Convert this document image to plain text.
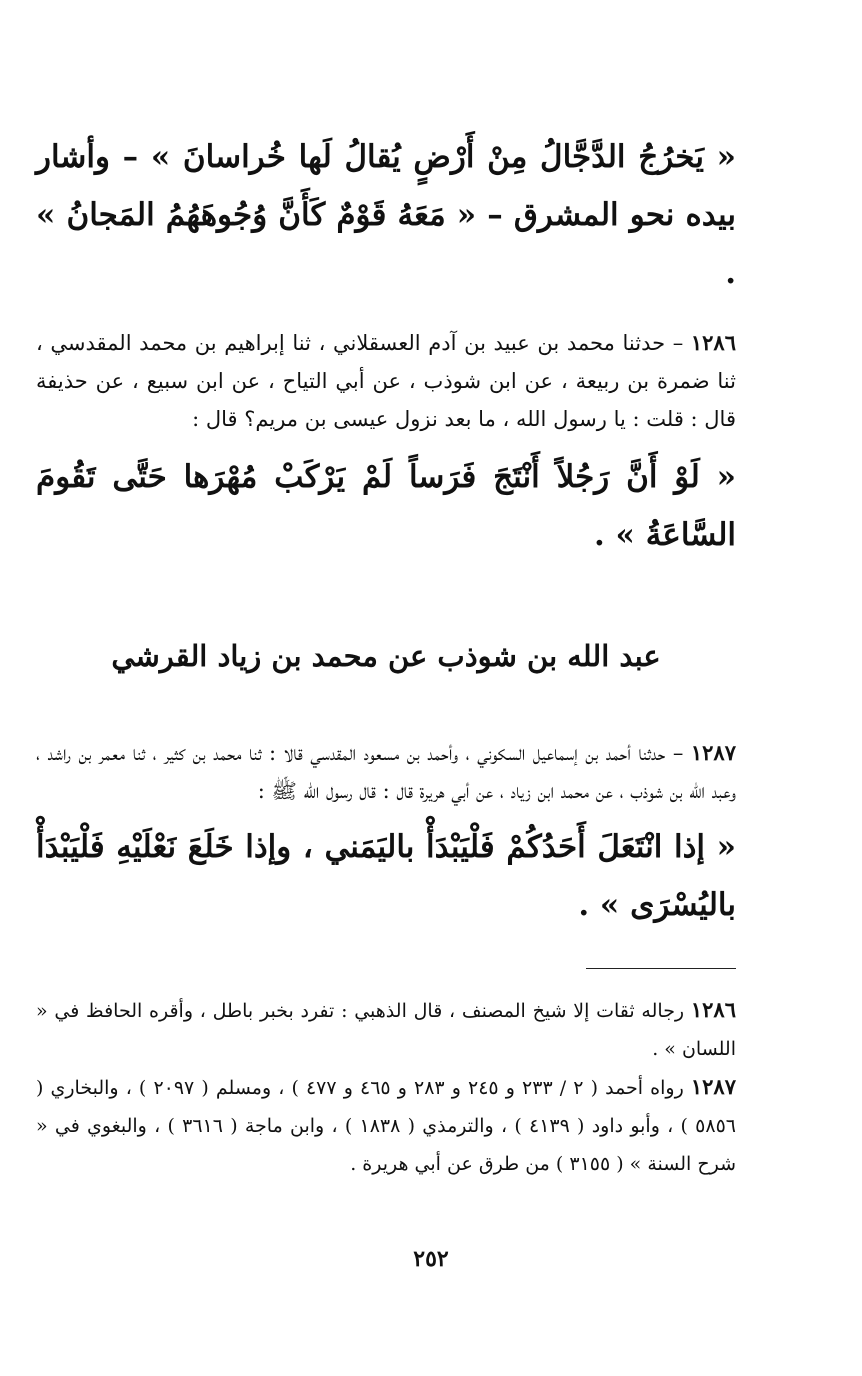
« يَخرُجُ الدَّجَّالُ مِنْ أَرْضٍ يُقالُ لَها خُراسانَ » – وأشار بيده نحو المشرق – « مَعَهُ قَوْمٌ كَأَنَّ وُجُوهَهُمُ المَجانُ » .

١٢٨٦ – حدثنا محمد بن عبيد بن آدم العسقلاني ، ثنا إبراهيم بن محمد المقدسي ، ثنا ضمرة بن ربيعة ، عن ابن شوذب ، عن أبي التياح ، عن ابن سبيع ، عن حذيفة قال : قلت : يا رسول الله ، ما بعد نزول عيسى بن مريم؟ قال :

« لَوْ أَنَّ رَجُلاً أَنْتَجَ فَرَساً لَمْ يَرْكَبْ مُهْرَها حَتَّى تَقُومَ السَّاعَةُ » .

عبد الله بن شوذب عن محمد بن زياد القرشي

١٢٨٧ – حدثنا أحمد بن إسماعيل السكوني ، وأحمد بن مسعود المقدسي قالا : ثنا محمد بن كثير ، ثنا معمر بن راشد ، وعبد الله بن شوذب ، عن محمد ابن زياد ، عن أبي هريرة قال : قال رسول الله ﷺ :

« إذا انْتَعَلَ أَحَدُكُمْ فَلْيَبْدَأْ باليَمَني ، وإذا خَلَعَ نَعْلَيْهِ فَلْيَبْدَأْ باليُسْرَى » .

١٢٨٦ رجاله ثقات إلا شيخ المصنف ، قال الذهبي : تفرد بخبر باطل ، وأقره الحافظ في « اللسان » .

١٢٨٧ رواه أحمد ( ٢ / ٢٣٣ و ٢٤٥ و ٢٨٣ و ٤٦٥ و ٤٧٧ ) ، ومسلم ( ٢٠٩٧ ) ، والبخاري ( ٥٨٥٦ ) ، وأبو داود ( ٤١٣٩ ) ، والترمذي ( ١٨٣٨ ) ، وابن ماجة ( ٣٦١٦ ) ، والبغوي في « شرح السنة » ( ٣١٥٥ ) من طرق عن أبي هريرة .

٢٥٢
